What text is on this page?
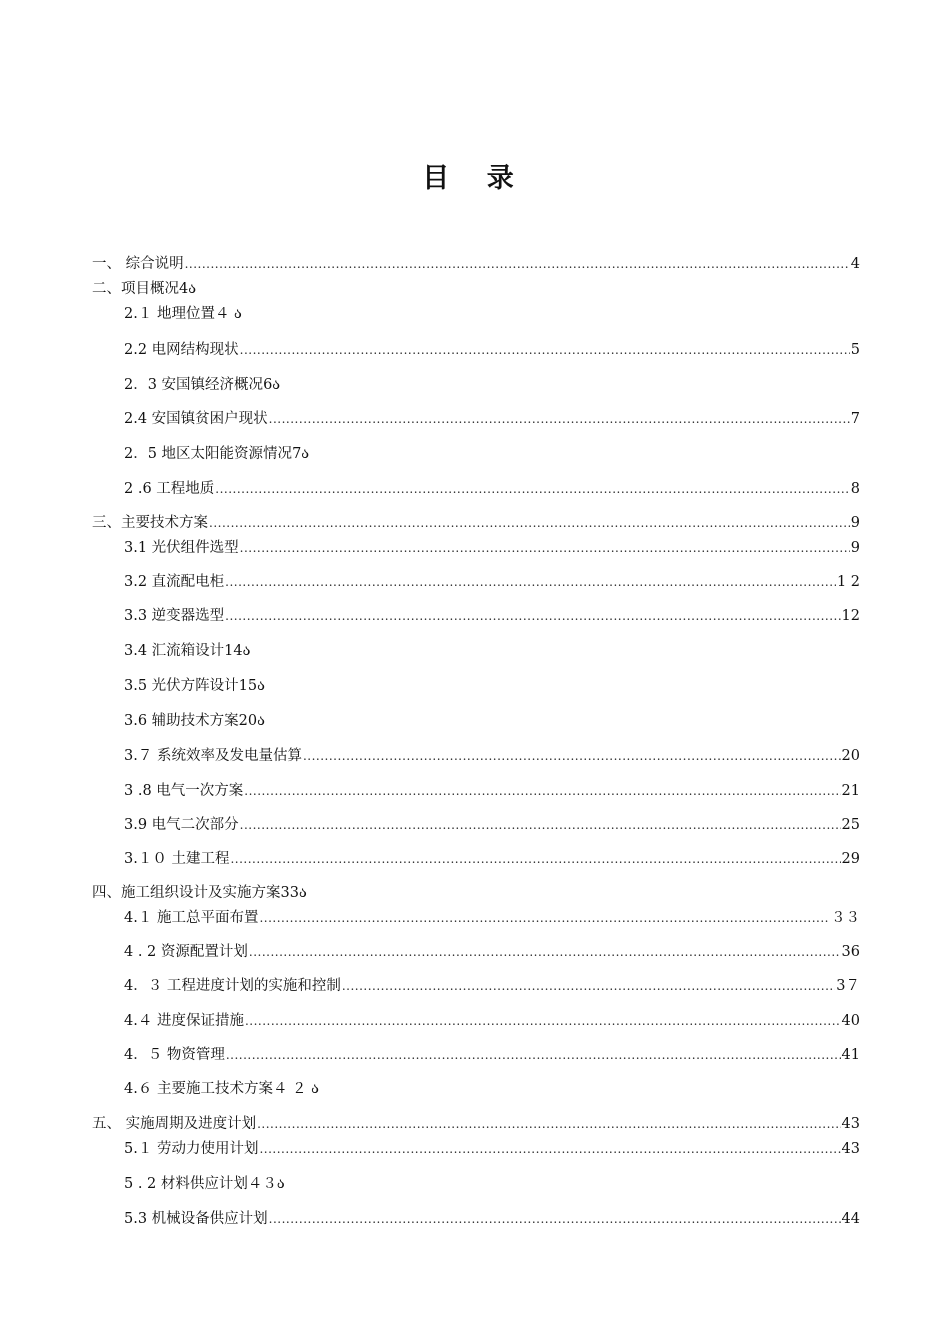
目 录
一、 综合说明 .....	4
二、项目概况 4ა
2.１ 地理位置 ４ ა
2.2 电网结构现状 .....	5
2．3 安国镇经济概况 6ა
2.4 安国镇贫困户现状 .....	7
2．5 地区太阳能资源情况 7ა
2 .6 工程地质 .....	8
三、主要技术方案 .....	9
3.1 光伏组件选型 .....	9
3.2 直流配电柜 .....	1 2
3.3 逆变器选型 .....	12
3.4 汇流箱设计 14ა
3.5 光伏方阵设计 15ა
3.6 辅助技术方案 20ა
3.７ 系统效率及发电量估算 .....	20
3 .8 电气一次方案 .....	21
3.9 电气二次部分 .....	25
3.１０ 土建工程 .....	29
四、施工组织设计及实施方案 33ა
4.１ 施工总平面布置 .....	３３
4 . 2 资源配置计划 .....	36
4．３ 工程进度计划的实施和控制 .....	3７
4.４ 进度保证措施 .....	40
4．５ 物资管理 .....	41
4.６ 主要施工技术方案 ４ ２ ა
五、 实施周期及进度计划 .....	43
5.１ 劳动力使用计划 .....	43
5 . 2 材料供应计划 ４３ა
5.3 机械设备供应计划 .....	44
